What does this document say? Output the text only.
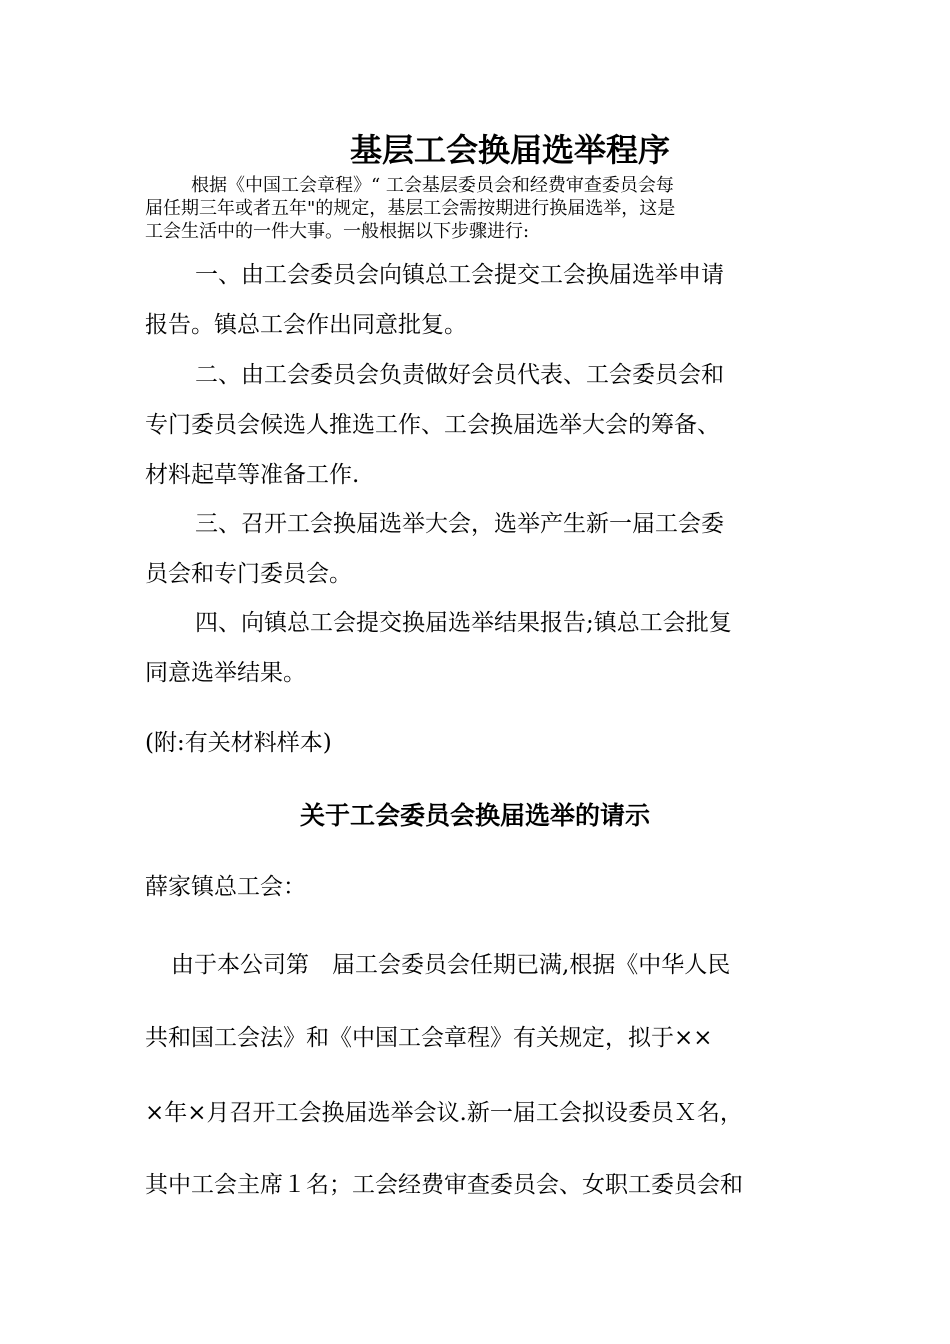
基层工会换届选举程序
根据《中国工会章程》“ 工会基层委员会和经费审查委员会每
届任期三年或者五年"的规定，基层工会需按期进行换届选举，这是
工会生活中的一件大事。一般根据以下步骤进行:
一、由工会委员会向镇总工会提交工会换届选举申请
报告。镇总工会作出同意批复。
二、由工会委员会负责做好会员代表、工会委员会和
专门委员会候选人推选工作、工会换届选举大会的筹备、
材料起草等准备工作.
三、召开工会换届选举大会，选举产生新一届工会委
员会和专门委员会。
四、向镇总工会提交换届选举结果报告;镇总工会批复
同意选举结果。
(附:有关材料样本)
关于工会委员会换届选举的请示
薛家镇总工会：
由于本公司第　届工会委员会任期已满,根据《中华人民
共和国工会法》和《中国工会章程》有关规定，拟于××
×年×月召开工会换届选举会议.新一届工会拟设委员Ｘ名，
其中工会主席１名；工会经费审查委员会、女职工委员会和
